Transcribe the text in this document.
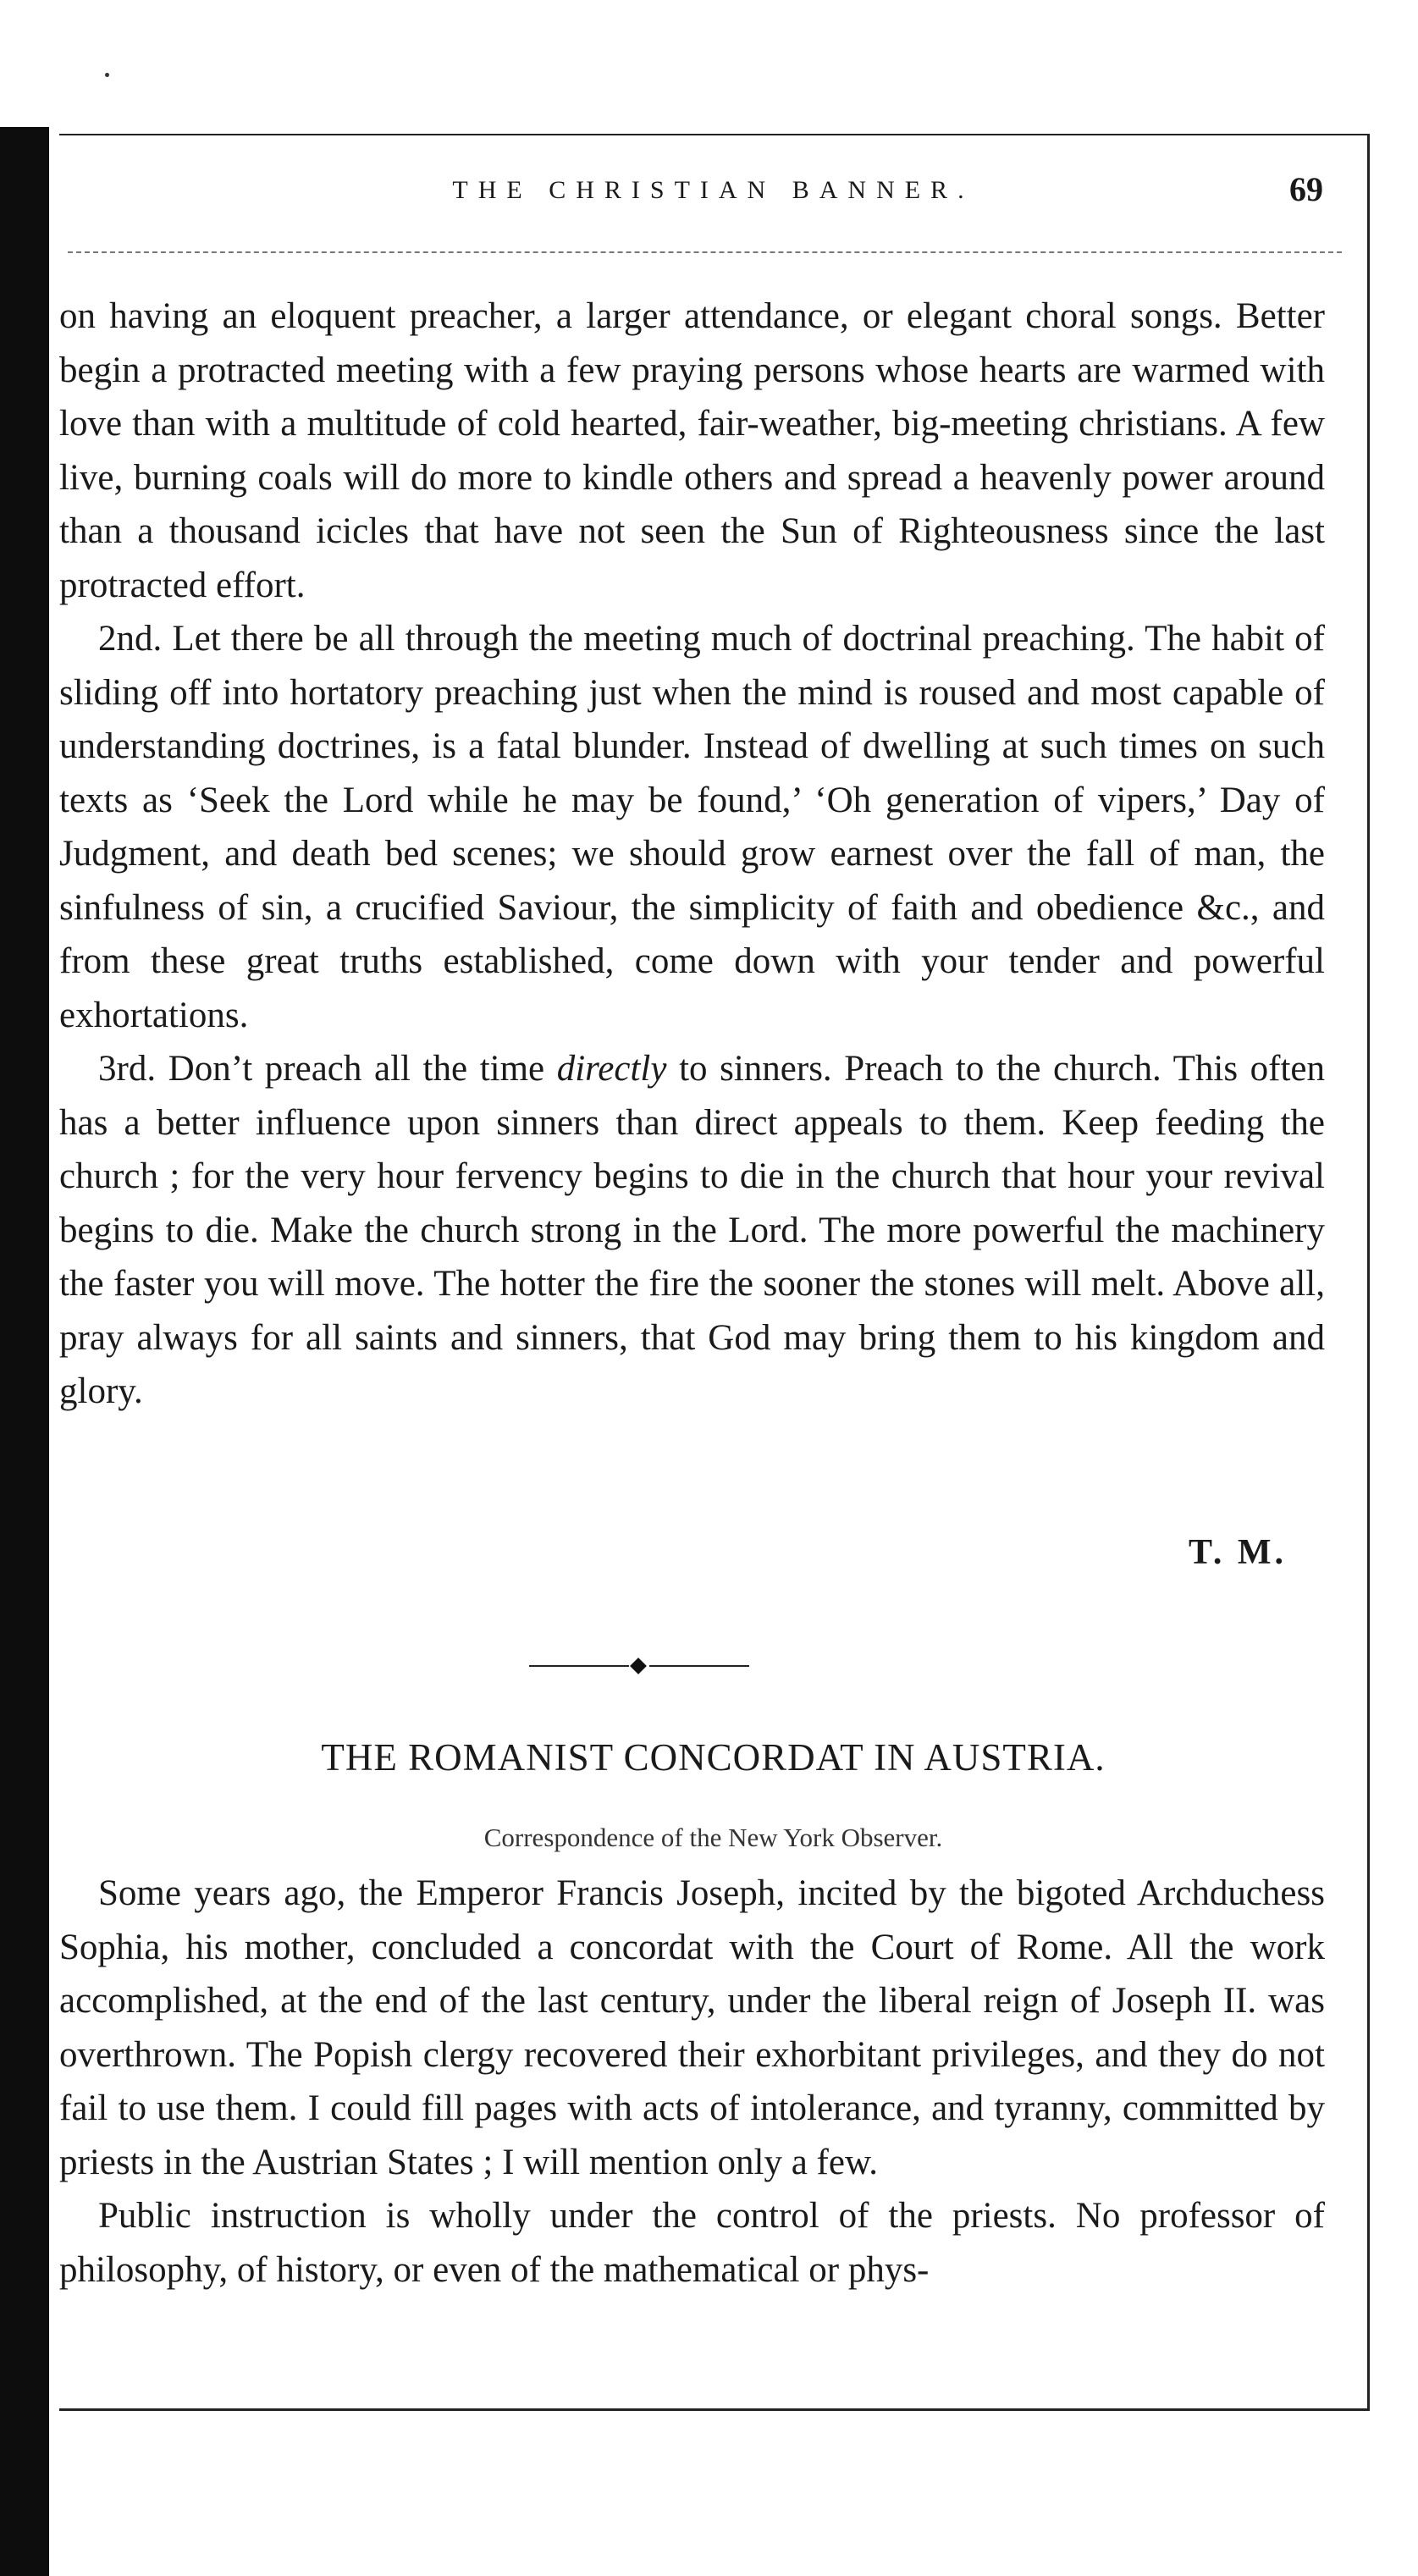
THE CHRISTIAN BANNER.	69

on having an eloquent preacher, a larger attendance, or elegant choral songs. Better begin a protracted meeting with a few praying persons whose hearts are warmed with love than with a multitude of cold hearted, fair-weather, big-meeting christians. A few live, burning coals will do more to kindle others and spread a heavenly power around than a thousand icicles that have not seen the Sun of Righteousness since the last protracted effort.

2nd. Let there be all through the meeting much of doctrinal preaching. The habit of sliding off into hortatory preaching just when the mind is roused and most capable of understanding doctrines, is a fatal blunder. Instead of dwelling at such times on such texts as ‘Seek the Lord while he may be found,’ ‘Oh generation of vipers,’ Day of Judgment, and death bed scenes; we should grow earnest over the fall of man, the sinfulness of sin, a crucified Saviour, the simplicity of faith and obedience &c., and from these great truths established, come down with your tender and powerful exhortations.

3rd. Don’t preach all the time directly to sinners. Preach to the church. This often has a better influence upon sinners than direct appeals to them. Keep feeding the church ; for the very hour fervency begins to die in the church that hour your revival begins to die. Make the church strong in the Lord. The more powerful the machinery the faster you will move. The hotter the fire the sooner the stones will melt. Above all, pray always for all saints and sinners, that God may bring them to his kingdom and glory.

T. M.
THE ROMANIST CONCORDAT IN AUSTRIA.
Correspondence of the New York Observer.

Some years ago, the Emperor Francis Joseph, incited by the bigoted Archduchess Sophia, his mother, concluded a concordat with the Court of Rome. All the work accomplished, at the end of the last century, under the liberal reign of Joseph II. was overthrown. The Popish clergy recovered their exhorbitant privileges, and they do not fail to use them. I could fill pages with acts of intolerance, and tyranny, committed by priests in the Austrian States ; I will mention only a few.

Public instruction is wholly under the control of the priests. No professor of philosophy, of history, or even of the mathematical or phys-
